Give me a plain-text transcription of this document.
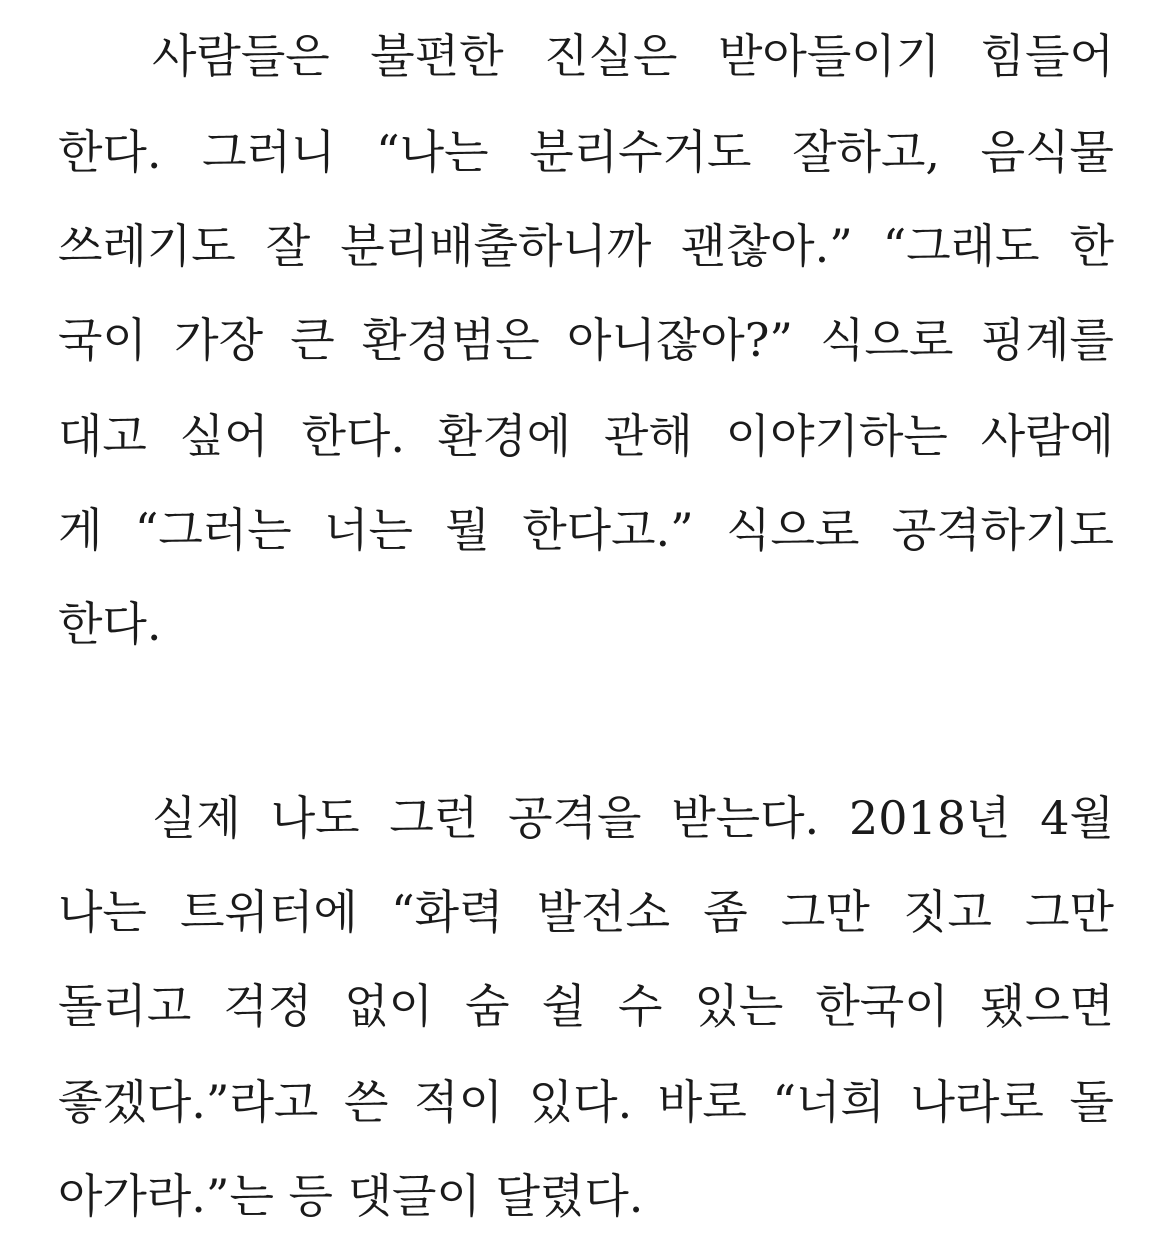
사람들은 불편한 진실은 받아들이기 힘들어
한다. 그러니 “나는 분리수거도 잘하고, 음식물
쓰레기도 잘 분리배출하니까 괜찮아.” “그래도 한
국이 가장 큰 환경범은 아니잖아?” 식으로 핑계를
대고 싶어 한다. 환경에 관해 이야기하는 사람에
게 “그러는 너는 뭘 한다고.” 식으로 공격하기도
한다.
실제 나도 그런 공격을 받는다. 2018년 4월
나는 트위터에 “화력 발전소 좀 그만 짓고 그만
돌리고 걱정 없이 숨 쉴 수 있는 한국이 됐으면
좋겠다.”라고 쓴 적이 있다. 바로 “너희 나라로 돌
아가라.”는 등 댓글이 달렸다.
